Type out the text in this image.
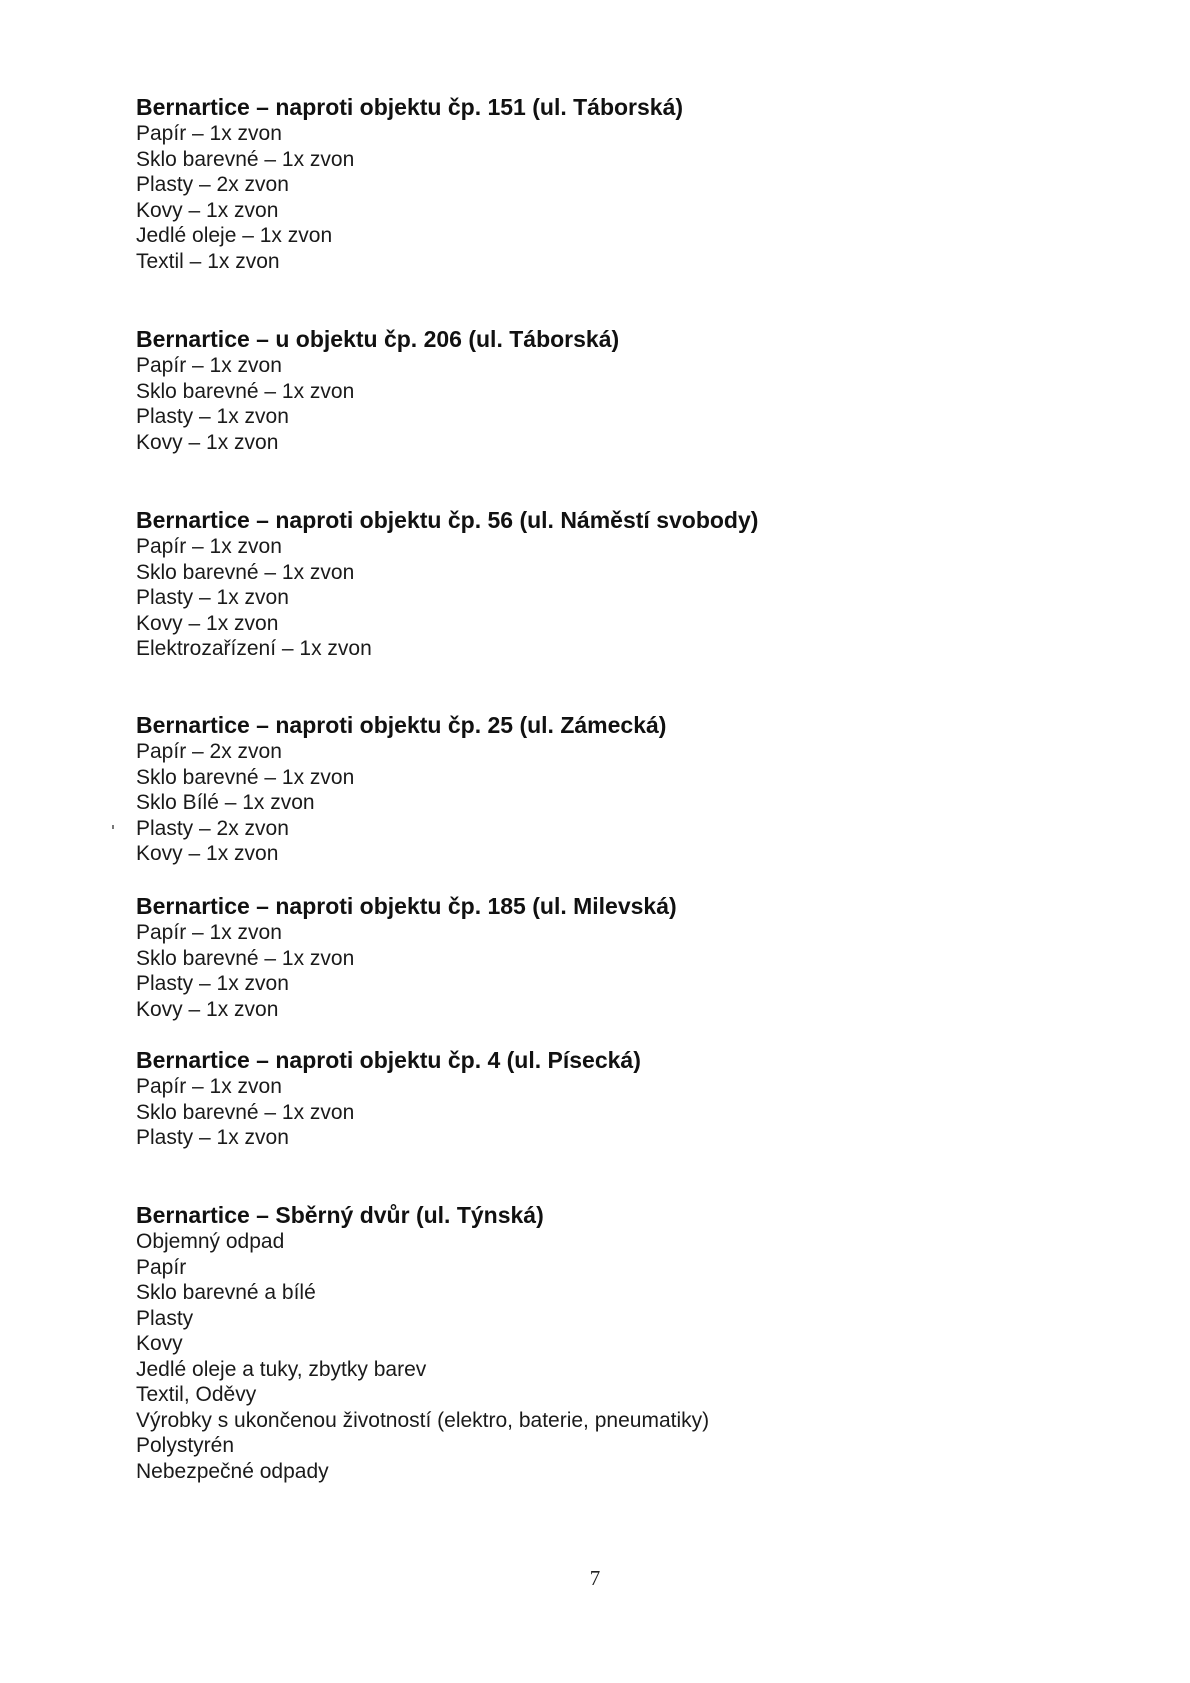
Bernartice – naproti objektu čp. 151 (ul. Táborská)
Papír – 1x zvon
Sklo barevné – 1x zvon
Plasty – 2x zvon
Kovy – 1x zvon
Jedlé oleje – 1x zvon
Textil – 1x zvon
Bernartice – u objektu čp. 206 (ul. Táborská)
Papír – 1x zvon
Sklo barevné – 1x zvon
Plasty – 1x zvon
Kovy – 1x zvon
Bernartice – naproti objektu čp. 56 (ul. Náměstí svobody)
Papír – 1x zvon
Sklo barevné – 1x zvon
Plasty – 1x zvon
Kovy – 1x zvon
Elektrozařízení – 1x zvon
Bernartice – naproti objektu čp. 25 (ul. Zámecká)
Papír – 2x zvon
Sklo barevné – 1x zvon
Sklo Bílé – 1x zvon
Plasty – 2x zvon
Kovy – 1x zvon
Bernartice – naproti objektu čp. 185 (ul. Milevská)
Papír – 1x zvon
Sklo barevné – 1x zvon
Plasty – 1x zvon
Kovy – 1x zvon
Bernartice – naproti objektu čp. 4 (ul. Písecká)
Papír – 1x zvon
Sklo barevné – 1x zvon
Plasty – 1x zvon
Bernartice – Sběrný dvůr (ul. Týnská)
Objemný odpad
Papír
Sklo barevné a bílé
Plasty
Kovy
Jedlé oleje a tuky, zbytky barev
Textil, Oděvy
Výrobky s ukončenou životností (elektro, baterie, pneumatiky)
Polystyrén
Nebezpečné odpady
7
